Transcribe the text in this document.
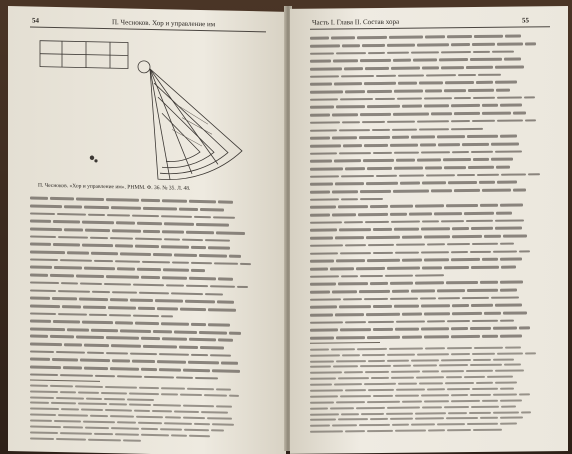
54	П. Чесноков. Хор и управление им
П. Чесноков. «Хор и управление им». РНММ. Ф. 36. № 35. Л. 48.
Часть I. Глава II. Состав хора	55
